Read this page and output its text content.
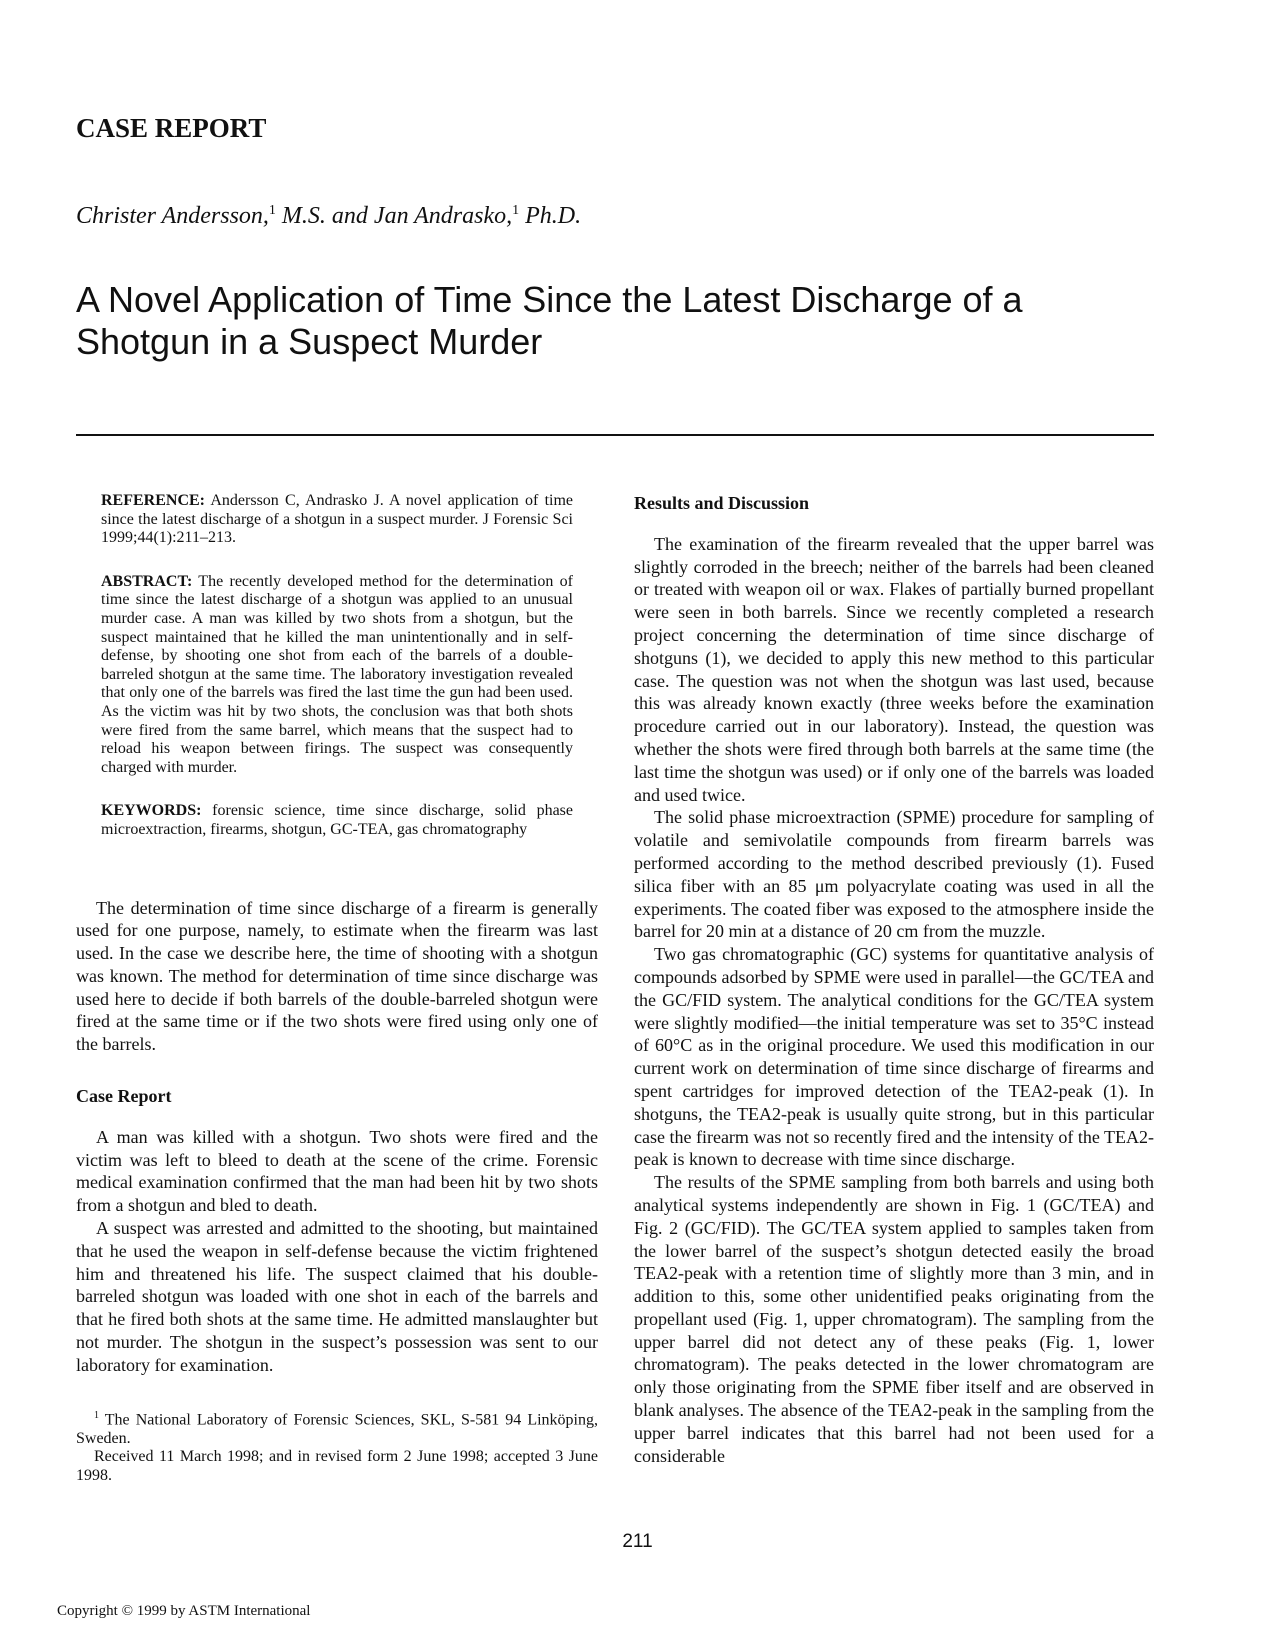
CASE REPORT

Christer Andersson,$^1$ M.S. and Jan Andrasko,$^1$ Ph.D.

A Novel Application of Time Since the Latest Discharge of a Shotgun in a Suspect Murder

REFERENCE: Andersson C, Andrasko J. A novel application of time since the latest discharge of a shotgun in a suspect murder. J Forensic Sci 1999;44(1):211–213.

ABSTRACT: The recently developed method for the determination of time since the latest discharge of a shotgun was applied to an unusual murder case. A man was killed by two shots from a shotgun, but the suspect maintained that he killed the man unintentionally and in self-defense, by shooting one shot from each of the barrels of a double-barreled shotgun at the same time. The laboratory investigation revealed that only one of the barrels was fired the last time the gun had been used. As the victim was hit by two shots, the conclusion was that both shots were fired from the same barrel, which means that the suspect had to reload his weapon between firings. The suspect was consequently charged with murder.

KEYWORDS: forensic science, time since discharge, solid phase microextraction, firearms, shotgun, GC-TEA, gas chromatography

The determination of time since discharge of a firearm is generally used for one purpose, namely, to estimate when the firearm was last used. In the case we describe here, the time of shooting with a shotgun was known. The method for determination of time since discharge was used here to decide if both barrels of the double-barreled shotgun were fired at the same time or if the two shots were fired using only one of the barrels.

Case Report

A man was killed with a shotgun. Two shots were fired and the victim was left to bleed to death at the scene of the crime. Forensic medical examination confirmed that the man had been hit by two shots from a shotgun and bled to death.

A suspect was arrested and admitted to the shooting, but maintained that he used the weapon in self-defense because the victim frightened him and threatened his life. The suspect claimed that his double-barreled shotgun was loaded with one shot in each of the barrels and that he fired both shots at the same time. He admitted manslaughter but not murder. The shotgun in the suspect’s possession was sent to our laboratory for examination.

$^1$ The National Laboratory of Forensic Sciences, SKL, S-581 94 Linköping, Sweden.

Received 11 March 1998; and in revised form 2 June 1998; accepted 3 June 1998.

Results and Discussion

The examination of the firearm revealed that the upper barrel was slightly corroded in the breech; neither of the barrels had been cleaned or treated with weapon oil or wax. Flakes of partially burned propellant were seen in both barrels. Since we recently completed a research project concerning the determination of time since discharge of shotguns (1), we decided to apply this new method to this particular case. The question was not when the shotgun was last used, because this was already known exactly (three weeks before the examination procedure carried out in our laboratory). Instead, the question was whether the shots were fired through both barrels at the same time (the last time the shotgun was used) or if only one of the barrels was loaded and used twice.

The solid phase microextraction (SPME) procedure for sampling of volatile and semivolatile compounds from firearm barrels was performed according to the method described previously (1). Fused silica fiber with an 85 μm polyacrylate coating was used in all the experiments. The coated fiber was exposed to the atmosphere inside the barrel for 20 min at a distance of 20 cm from the muzzle.

Two gas chromatographic (GC) systems for quantitative analysis of compounds adsorbed by SPME were used in parallel—the GC/TEA and the GC/FID system. The analytical conditions for the GC/TEA system were slightly modified—the initial temperature was set to 35°C instead of 60°C as in the original procedure. We used this modification in our current work on determination of time since discharge of firearms and spent cartridges for improved detection of the TEA2-peak (1). In shotguns, the TEA2-peak is usually quite strong, but in this particular case the firearm was not so recently fired and the intensity of the TEA2-peak is known to decrease with time since discharge.

The results of the SPME sampling from both barrels and using both analytical systems independently are shown in Fig. 1 (GC/TEA) and Fig. 2 (GC/FID). The GC/TEA system applied to samples taken from the lower barrel of the suspect’s shotgun detected easily the broad TEA2-peak with a retention time of slightly more than 3 min, and in addition to this, some other unidentified peaks originating from the propellant used (Fig. 1, upper chromatogram). The sampling from the upper barrel did not detect any of these peaks (Fig. 1, lower chromatogram). The peaks detected in the lower chromatogram are only those originating from the SPME fiber itself and are observed in blank analyses. The absence of the TEA2-peak in the sampling from the upper barrel indicates that this barrel had not been used for a considerable

211

Copyright © 1999 by ASTM International
